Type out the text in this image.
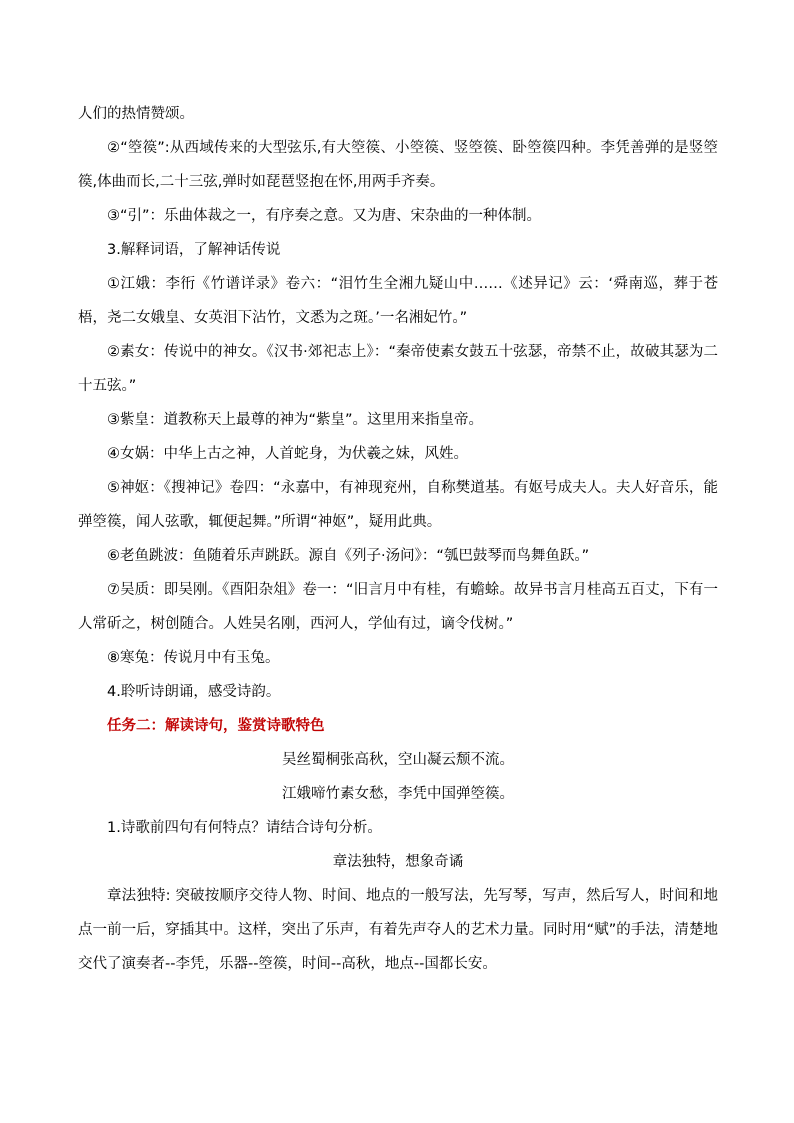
人们的热情赞颂。

②“箜篌”:从西域传来的大型弦乐,有大箜篌、小箜篌、竖箜篌、卧箜篌四种。李凭善弹的是竖箜篌,体曲而长,二十三弦,弹时如琵琶竖抱在怀,用两手齐奏。

③“引”：乐曲体裁之一，有序奏之意。又为唐、宋杂曲的一种体制。

3.解释词语，了解神话传说

①江娥：李衎《竹谱详录》卷六：“泪竹生全湘九疑山中……《述异记》云：‘舜南巡，葬于苍梧，尧二女娥皇、女英泪下沾竹，文悉为之斑。’一名湘妃竹。”

②素女：传说中的神女。《汉书·郊祀志上》：“秦帝使素女鼓五十弦瑟，帝禁不止，故破其瑟为二十五弦。”

③紫皇：道教称天上最尊的神为“紫皇”。这里用来指皇帝。

④女娲：中华上古之神，人首蛇身，为伏羲之妹，风姓。

⑤神妪：《搜神记》卷四：“永嘉中，有神现兖州，自称樊道基。有妪号成夫人。夫人好音乐，能弹箜篌，闻人弦歌，辄便起舞。”所谓“神妪”，疑用此典。

⑥老鱼跳波：鱼随着乐声跳跃。源自《列子·汤问》：“瓠巴鼓琴而鸟舞鱼跃。”

⑦吴质：即吴刚。《酉阳杂俎》卷一：“旧言月中有桂，有蟾蜍。故异书言月桂高五百丈，下有一人常斫之，树创随合。人姓吴名刚，西河人，学仙有过，谪令伐树。”

⑧寒兔：传说月中有玉兔。

4.聆听诗朗诵，感受诗韵。

任务二：解读诗句，鉴赏诗歌特色

吴丝蜀桐张高秋，空山凝云颓不流。

江娥啼竹素女愁，李凭中国弹箜篌。

1.诗歌前四句有何特点？请结合诗句分析。

章法独特，想象奇谲

章法独特: 突破按顺序交待人物、时间、地点的一般写法，先写琴，写声，然后写人，时间和地点一前一后，穿插其中。这样，突出了乐声，有着先声夺人的艺术力量。同时用“赋”的手法，清楚地交代了演奏者--李凭，乐器--箜篌，时间--高秋，地点--国都长安。
